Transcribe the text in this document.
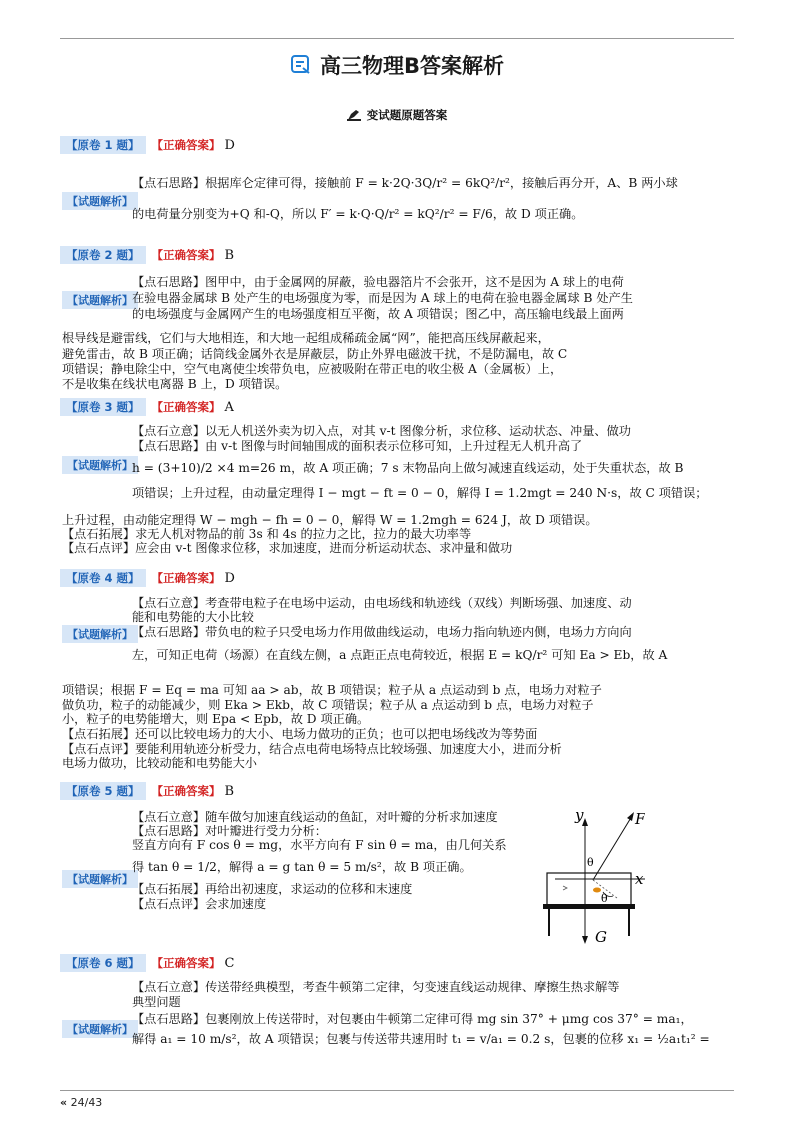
高三物理B答案解析
变试题原题答案
【原卷 1 题】	【正确答案】 D
【试题解析】
【点石思路】根据库仑定律可得，接触前 F = k·2Q·3Q/r² = 6kQ²/r²，接触后再分开，A、B 两小球
的电荷量分别变为+Q 和-Q，所以 F′ = k·Q·Q/r² = kQ²/r² = F/6，故 D 项正确。
【原卷 2 题】	【正确答案】 B
【试题解析】
【点石思路】图甲中，由于金属网的屏蔽，验电器箔片不会张开，这不是因为 A 球上的电荷
在验电器金属球 B 处产生的电场强度为零，而是因为 A 球上的电荷在验电器金属球 B 处产生
的电场强度与金属网产生的电场强度相互平衡，故 A 项错误；图乙中，高压输电线最上面两
根导线是避雷线，它们与大地相连，和大地一起组成稀疏金属“网”，能把高压线屏蔽起来，
避免雷击，故 B 项正确；话筒线金属外衣是屏蔽层，防止外界电磁波干扰，不是防漏电，故 C
项错误；静电除尘中，空气电离使尘埃带负电，应被吸附在带正电的收尘极 A（金属板）上，
不是收集在线状电离器 B 上，D 项错误。
【原卷 3 题】	【正确答案】 A
【试题解析】
【点石立意】以无人机送外卖为切入点，对其 v-t 图像分析，求位移、运动状态、冲量、做功
【点石思路】由 v-t 图像与时间轴围成的面积表示位移可知，上升过程无人机升高了
h = (3+10)/2 ×4 m=26 m，故 A 项正确；7 s 末物品向上做匀减速直线运动，处于失重状态，故 B
项错误；上升过程，由动量定理得 I − mgt − ft = 0 − 0，解得 I = 1.2mgt = 240 N·s，故 C 项错误；
上升过程，由动能定理得 W − mgh − fh = 0 − 0，解得 W = 1.2mgh = 624 J，故 D 项错误。
【点石拓展】求无人机对物品的前 3s 和 4s 的拉力之比，拉力的最大功率等
【点石点评】应会由 v-t 图像求位移，求加速度，进而分析运动状态、求冲量和做功
【原卷 4 题】	【正确答案】 D
【试题解析】
【点石立意】考查带电粒子在电场中运动，由电场线和轨迹线（双线）判断场强、加速度、动
能和电势能的大小比较
【点石思路】带负电的粒子只受电场力作用做曲线运动，电场力指向轨迹内侧，电场力方向向
左，可知正电荷（场源）在直线左侧，a 点距正点电荷较近，根据 E = kQ/r² 可知 Ea > Eb，故 A
项错误；根据 F = Eq = ma 可知 aa > ab，故 B 项错误；粒子从 a 点运动到 b 点，电场力对粒子
做负功，粒子的动能减少，则 Eka > Ekb，故 C 项错误；粒子从 a 点运动到 b 点，电场力对粒子
小，粒子的电势能增大，则 Epa < Epb，故 D 项正确。
【点石拓展】还可以比较电场力的大小、电场力做功的正负；也可以把电场线改为等势面
【点石点评】要能利用轨迹分析受力，结合点电荷电场特点比较场强、加速度大小，进而分析
电场力做功，比较动能和电势能大小
【原卷 5 题】	【正确答案】 B
【试题解析】
【点石立意】随车做匀加速直线运动的鱼缸，对叶瓣的分析求加速度
【点石思路】对叶瓣进行受力分析：
竖直方向有 F cos θ = mg，水平方向有 F sin θ = ma，由几何关系
得 tan θ = 1/2，解得 a = g tan θ = 5 m/s²，故 B 项正确。
【点石拓展】再给出初速度，求运动的位移和末速度
【点石点评】会求加速度
y
x
F
G
θ
θ
【原卷 6 题】	【正确答案】 C
【试题解析】
【点石立意】传送带经典模型，考查牛顿第二定律，匀变速直线运动规律、摩擦生热求解等
典型问题
【点石思路】包裹刚放上传送带时，对包裹由牛顿第二定律可得 mg sin 37° + μmg cos 37° = ma₁，
解得 a₁ = 10 m/s²，故 A 项错误；包裹与传送带共速用时 t₁ = v/a₁ = 0.2 s，包裹的位移 x₁ = ½a₁t₁² =
« 24/43
